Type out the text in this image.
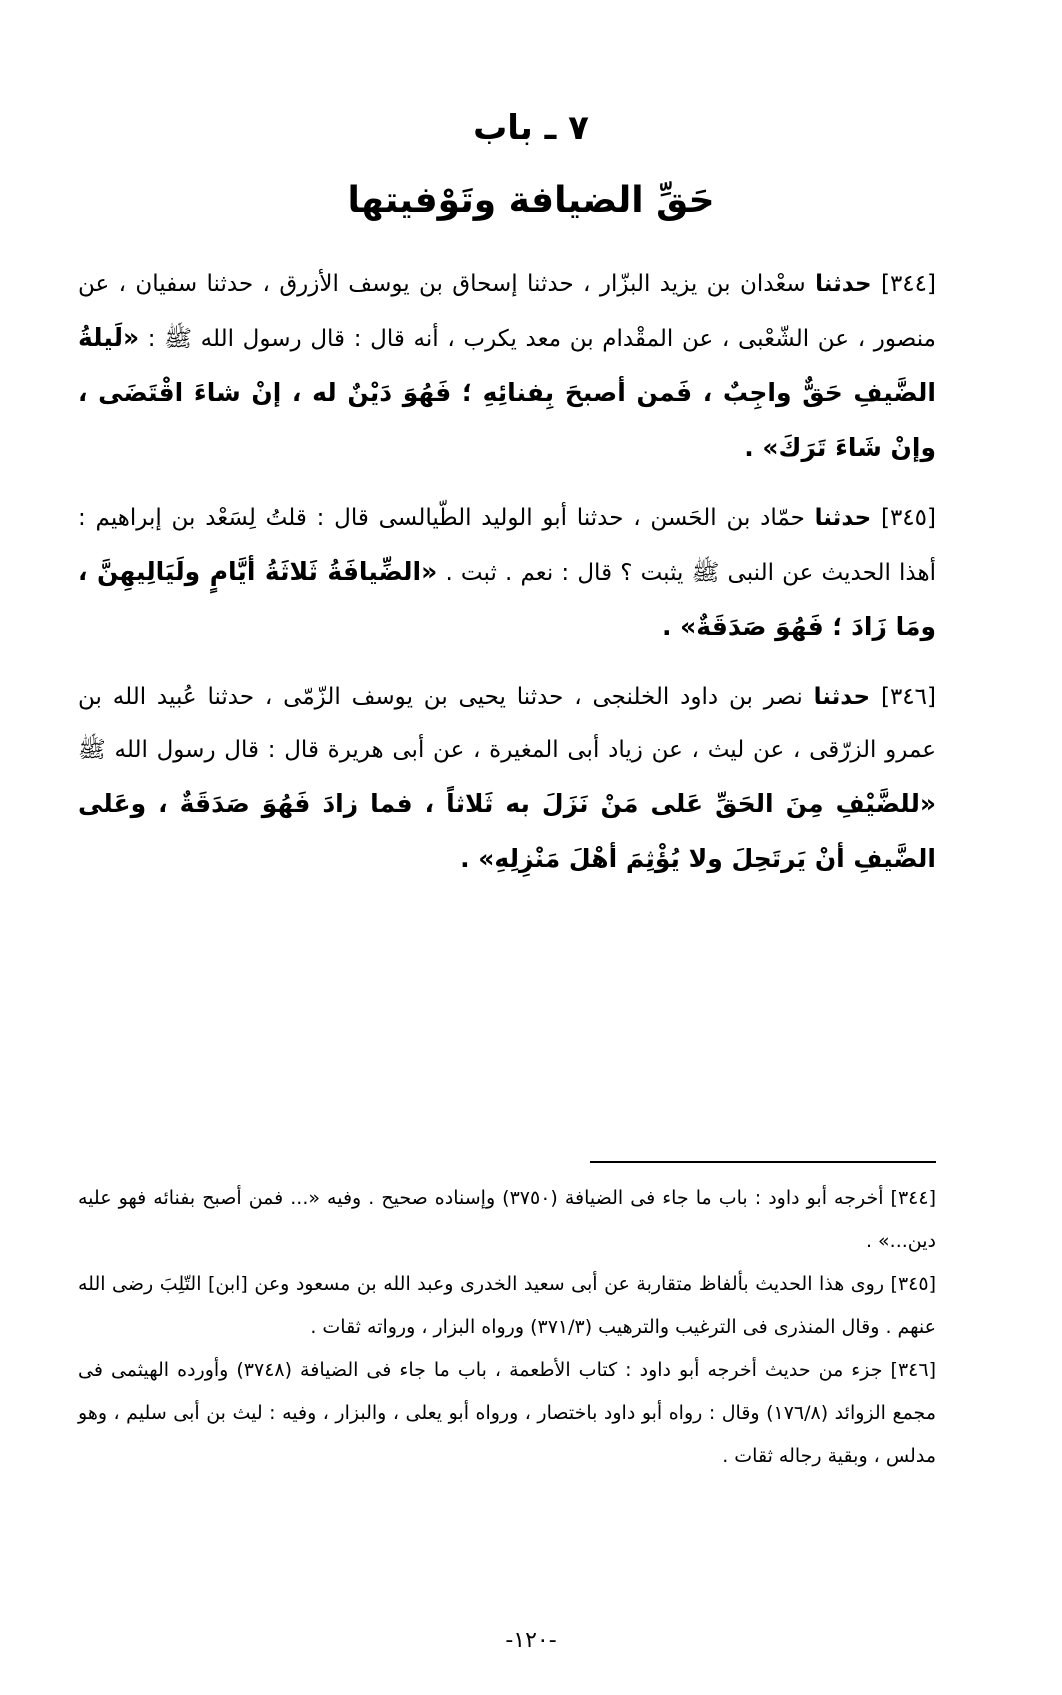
٧ ـ باب
حَقِّ الضيافة وتَوْفيتها

[٣٤٤] حدثنا سعْدان بن يزيد البزّار ، حدثنا إسحاق بن يوسف الأزرق ، حدثنا سفيان ، عن منصور ، عن الشّعْبى ، عن المقْدام بن معد يكرب ، أنه قال : قال رسول الله ﷺ : «لَيلةُ الضَّيفِ حَقٌّ واجِبٌ ، فَمن أصبحَ بِفنائِهِ ؛ فَهُوَ دَيْنٌ له ، إنْ شاءَ اقْتَضَى ، وإنْ شَاءَ تَرَكَ» .

[٣٤٥] حدثنا حمّاد بن الحَسن ، حدثنا أبو الوليد الطّيالسى قال : قلتُ لِسَعْد بن إبراهيم : أهذا الحديث عن النبى ﷺ يثبت ؟ قال : نعم . ثبت . «الضِّيافَةُ ثَلاثَةُ أيَّامٍ ولَيَالِيهِنَّ ، ومَا زَادَ ؛ فَهُوَ صَدَقَةٌ» .

[٣٤٦] حدثنا نصر بن داود الخلنجى ، حدثنا يحيى بن يوسف الزّمّى ، حدثنا عُبيد الله بن عمرو الزرّقى ، عن ليث ، عن زياد أبى المغيرة ، عن أبى هريرة قال : قال رسول الله ﷺ «للضَّيْفِ مِنَ الحَقِّ عَلى مَنْ نَزَلَ به ثَلاثاً ، فما زادَ فَهُوَ صَدَقَةٌ ، وعَلى الضَّيفِ أنْ يَرتَحِلَ ولا يُؤْثِمَ أهْلَ مَنْزِلِهِ» .

[٣٤٤] أخرجه أبو داود : باب ما جاء فى الضيافة (٣٧٥٠) وإسناده صحيح . وفيه «... فمن أصبح بفنائه فهو عليه دين...» .

[٣٤٥] روى هذا الحديث بألفاظ متقاربة عن أبى سعيد الخدرى وعبد الله بن مسعود وعن [ابن] التّلِبَ رضى الله عنهم . وقال المنذرى فى الترغيب والترهيب (٣٧١/٣) ورواه البزار ، ورواته ثقات .

[٣٤٦] جزء من حديث أخرجه أبو داود : كتاب الأطعمة ، باب ما جاء فى الضيافة (٣٧٤٨) وأورده الهيثمى فى مجمع الزوائد (١٧٦/٨) وقال : رواه أبو داود باختصار ، ورواه أبو يعلى ، والبزار ، وفيه : ليث بن أبى سليم ، وهو مدلس ، وبقية رجاله ثقات .

-١٢٠-
